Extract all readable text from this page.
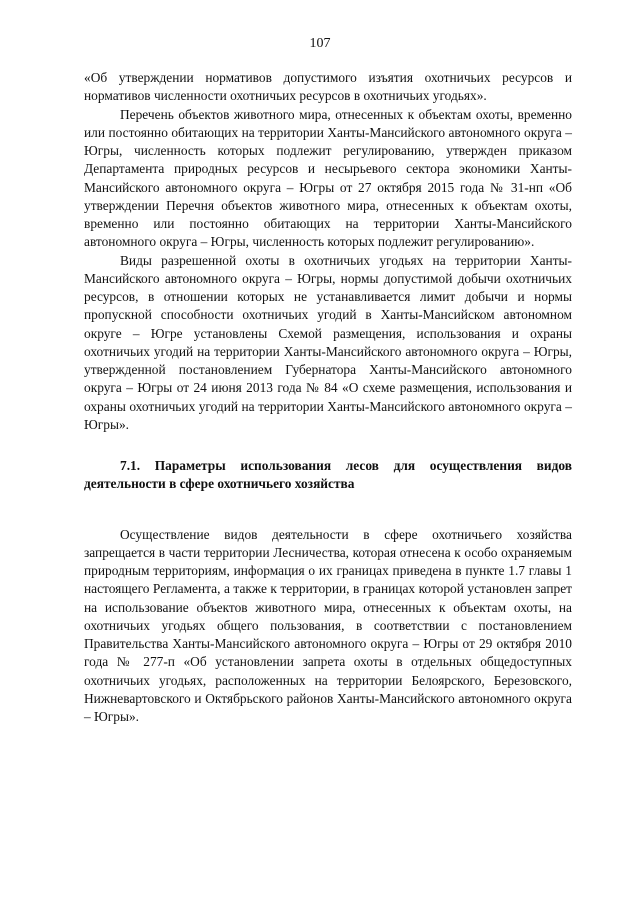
107

«Об утверждении нормативов допустимого изъятия охотничьих ресурсов и нормативов численности охотничьих ресурсов в охотничьих угодьях».

Перечень объектов животного мира, отнесенных к объектам охоты, временно или постоянно обитающих на территории Ханты-Мансийского автономного округа – Югры, численность которых подлежит регулированию, утвержден приказом Департамента природных ресурсов и несырьевого сектора экономики Ханты-Мансийского автономного округа – Югры от 27 октября 2015 года № 31-нп «Об утверждении Перечня объектов животного мира, отнесенных к объектам охоты, временно или постоянно обитающих на территории Ханты-Мансийского автономного округа – Югры, численность которых подлежит регулированию».

Виды разрешенной охоты в охотничьих угодьях на территории Ханты-Мансийского автономного округа – Югры, нормы допустимой добычи охотничьих ресурсов, в отношении которых не устанавливается лимит добычи и нормы пропускной способности охотничьих угодий в Ханты-Мансийском автономном округе – Югре установлены Схемой размещения, использования и охраны охотничьих угодий на территории Ханты-Мансийского автономного округа – Югры, утвержденной постановлением Губернатора Ханты-Мансийского автономного округа – Югры от 24 июня 2013 года № 84 «О схеме размещения, использования и охраны охотничьих угодий на территории Ханты-Мансийского автономного округа – Югры».

7.1. Параметры использования лесов для осуществления видов деятельности в сфере охотничьего хозяйства

Осуществление видов деятельности в сфере охотничьего хозяйства запрещается в части территории Лесничества, которая отнесена к особо охраняемым природным территориям, информация о их границах приведена в пункте 1.7 главы 1 настоящего Регламента, а также к территории, в границах которой установлен запрет на использование объектов животного мира, отнесенных к объектам охоты, на охотничьих угодьях общего пользования, в соответствии с постановлением Правительства Ханты-Мансийского автономного округа – Югры от 29 октября 2010 года № 277-п «Об установлении запрета охоты в отдельных общедоступных охотничьих угодьях, расположенных на территории Белоярского, Березовского, Нижневартовского и Октябрьского районов Ханты-Мансийского автономного округа – Югры».
